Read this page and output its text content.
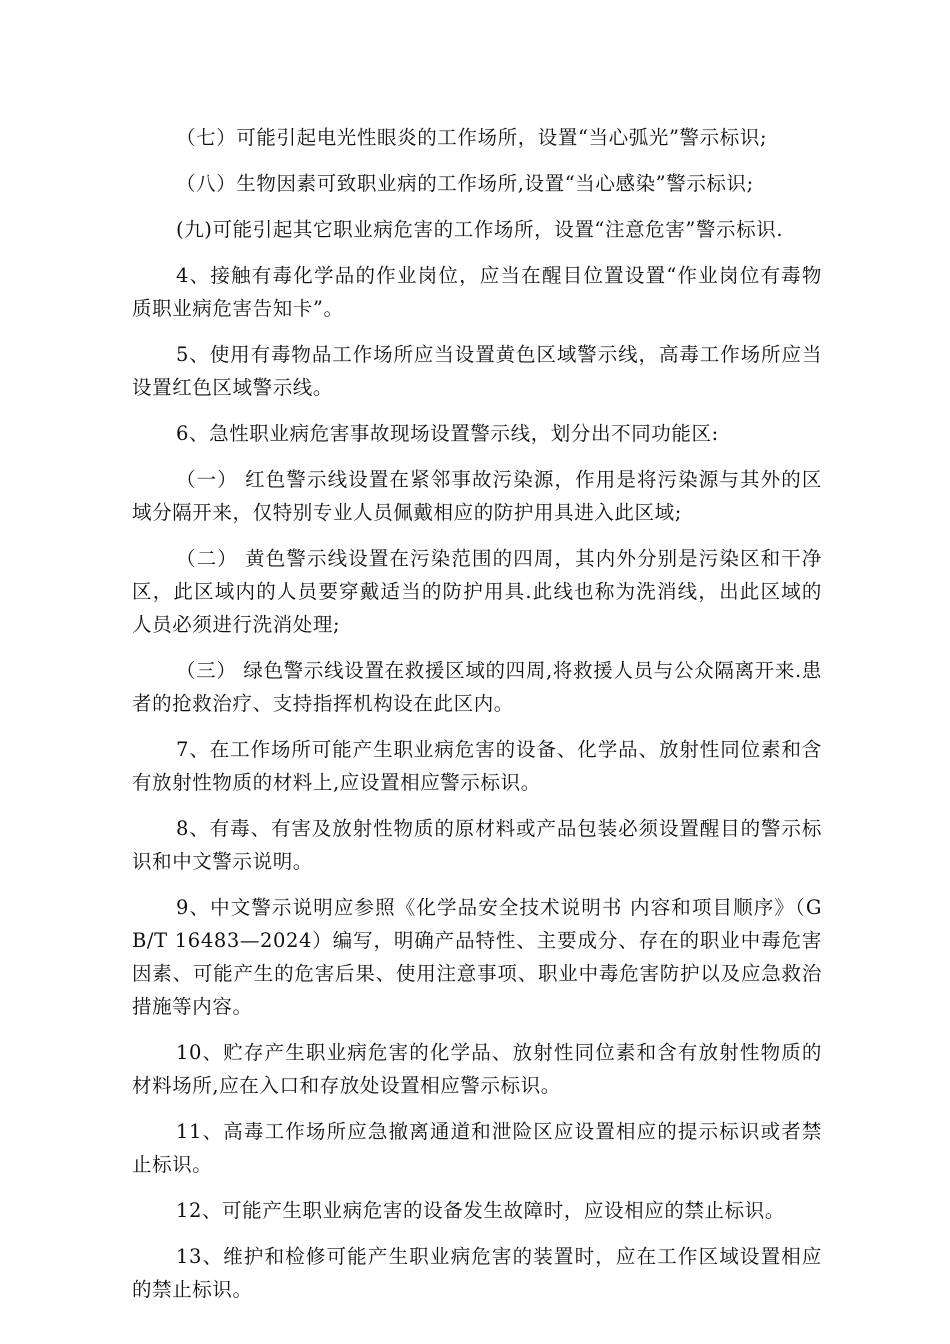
（七）可能引起电光性眼炎的工作场所，设置“当心弧光”警示标识;

（八）生物因素可致职业病的工作场所,设置“当心感染”警示标识;

(九)可能引起其它职业病危害的工作场所，设置“注意危害”警示标识.

4、接触有毒化学品的作业岗位，应当在醒目位置设置“作业岗位有毒物质职业病危害告知卡”。

5、使用有毒物品工作场所应当设置黄色区域警示线，高毒工作场所应当设置红色区域警示线。

6、急性职业病危害事故现场设置警示线，划分出不同功能区:

（一） 红色警示线设置在紧邻事故污染源，作用是将污染源与其外的区域分隔开来，仅特别专业人员佩戴相应的防护用具进入此区域;

（二） 黄色警示线设置在污染范围的四周，其内外分别是污染区和干净区，此区域内的人员要穿戴适当的防护用具.此线也称为洗消线，出此区域的人员必须进行洗消处理;

（三） 绿色警示线设置在救援区域的四周,将救援人员与公众隔离开来.患者的抢救治疗、支持指挥机构设在此区内。

7、在工作场所可能产生职业病危害的设备、化学品、放射性同位素和含有放射性物质的材料上,应设置相应警示标识。

8、有毒、有害及放射性物质的原材料或产品包装必须设置醒目的警示标识和中文警示说明。

9、中文警示说明应参照《化学品安全技术说明书 内容和项目顺序》（GB/T 16483—2024）编写，明确产品特性、主要成分、存在的职业中毒危害因素、可能产生的危害后果、使用注意事项、职业中毒危害防护以及应急救治措施等内容。

10、贮存产生职业病危害的化学品、放射性同位素和含有放射性物质的材料场所,应在入口和存放处设置相应警示标识。

11、高毒工作场所应急撤离通道和泄险区应设置相应的提示标识或者禁止标识。

12、可能产生职业病危害的设备发生故障时，应设相应的禁止标识。

13、维护和检修可能产生职业病危害的装置时，应在工作区域设置相应的禁止标识。
